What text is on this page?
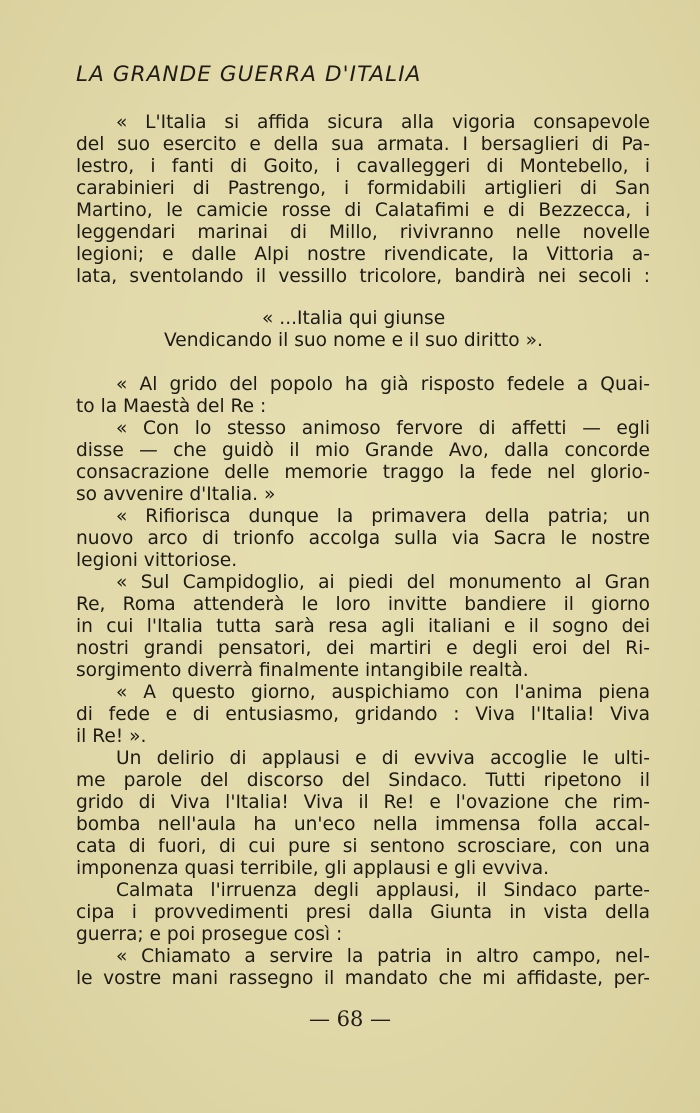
LA GRANDE GUERRA D'ITALIA
« L'Italia si affida sicura alla vigoria consapevole
del suo esercito e della sua armata. I bersaglieri di Pa-
lestro, i fanti di Goito, i cavalleggeri di Montebello, i
carabinieri di Pastrengo, i formidabili artiglieri di San
Martino, le camicie rosse di Calatafimi e di Bezzecca, i
leggendari marinai di Millo, rivivranno nelle novelle
legioni; e dalle Alpi nostre rivendicate, la Vittoria a-
lata, sventolando il vessillo tricolore, bandirà nei secoli :
« ...Italia qui giunse
Vendicando il suo nome e il suo diritto ».
« Al grido del popolo ha già risposto fedele a Quai-
to la Maestà del Re :
« Con lo stesso animoso fervore di affetti — egli
disse — che guidò il mio Grande Avo, dalla concorde
consacrazione delle memorie traggo la fede nel glorio-
so avvenire d'Italia. »
« Rifiorisca dunque la primavera della patria; un
nuovo arco di trionfo accolga sulla via Sacra le nostre
legioni vittoriose.
« Sul Campidoglio, ai piedi del monumento al Gran
Re, Roma attenderà le loro invitte bandiere il giorno
in cui l'Italia tutta sarà resa agli italiani e il sogno dei
nostri grandi pensatori, dei martiri e degli eroi del Ri-
sorgimento diverrà finalmente intangibile realtà.
« A questo giorno, auspichiamo con l'anima piena
di fede e di entusiasmo, gridando : Viva l'Italia! Viva
il Re! ».
Un delirio di applausi e di evviva accoglie le ulti-
me parole del discorso del Sindaco. Tutti ripetono il
grido di Viva l'Italia! Viva il Re! e l'ovazione che rim-
bomba nell'aula ha un'eco nella immensa folla accal-
cata di fuori, di cui pure si sentono scrosciare, con una
imponenza quasi terribile, gli applausi e gli evviva.
Calmata l'irruenza degli applausi, il Sindaco parte-
cipa i provvedimenti presi dalla Giunta in vista della
guerra; e poi prosegue così :
« Chiamato a servire la patria in altro campo, nel-
le vostre mani rassegno il mandato che mi affidaste, per-
— 68 —
